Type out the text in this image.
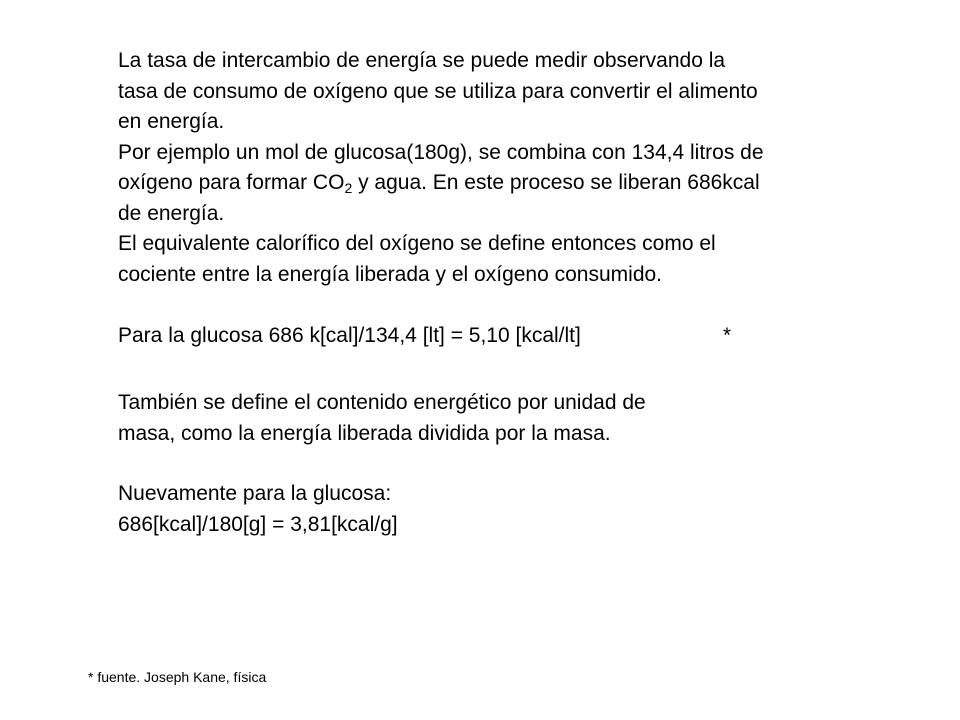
La tasa de intercambio de energía se puede medir observando la

tasa de consumo de oxígeno que se utiliza para convertir el alimento

en energía.

Por ejemplo un mol de glucosa(180g), se combina con 134,4 litros de

oxígeno para formar $CO_2$ y agua. En este proceso se liberan 686kcal

de energía.

El equivalente calorífico del oxígeno se define entonces como el

cociente entre la energía liberada y el oxígeno consumido.

Para la glucosa 686 k[cal]/134,4 [lt] = 5,10 [kcal/lt]	*

También se define el contenido energético por unidad de

masa, como la energía liberada dividida por la masa.

Nuevamente para la glucosa:

686[kcal]/180[g] = 3,81[kcal/g]

* fuente. Joseph Kane, física
